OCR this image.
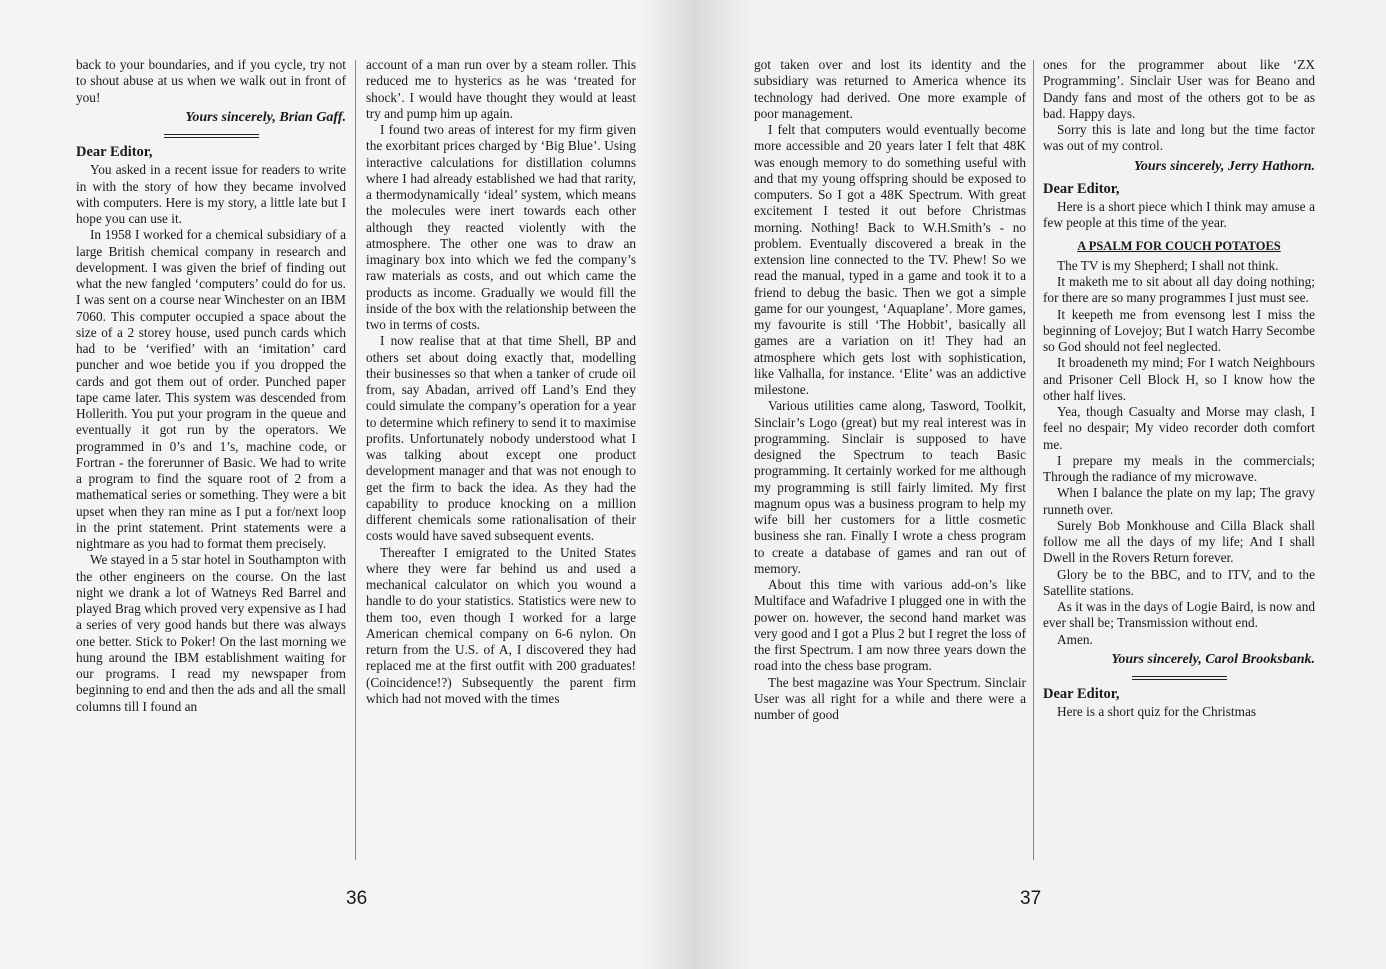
back to your boundaries, and if you cycle, try not to shout abuse at us when we walk out in front of you!

Yours sincerely, Brian Gaff.

Dear Editor,

You asked in a recent issue for readers to write in with the story of how they became involved with computers. Here is my story, a little late but I hope you can use it.

In 1958 I worked for a chemical subsidiary of a large British chemical company in research and development. I was given the brief of finding out what the new fangled ‘computers’ could do for us. I was sent on a course near Winchester on an IBM 7060. This computer occupied a space about the size of a 2 storey house, used punch cards which had to be ‘verified’ with an ‘imitation’ card puncher and woe betide you if you dropped the cards and got them out of order. Punched paper tape came later. This system was descended from Hollerith. You put your program in the queue and eventually it got run by the operators. We programmed in 0’s and 1’s, machine code, or Fortran - the forerunner of Basic. We had to write a program to find the square root of 2 from a mathematical series or something. They were a bit upset when they ran mine as I put a for/next loop in the print statement. Print statements were a nightmare as you had to format them precisely.

We stayed in a 5 star hotel in Southampton with the other engineers on the course. On the last night we drank a lot of Watneys Red Barrel and played Brag which proved very expensive as I had a series of very good hands but there was always one better. Stick to Poker! On the last morning we hung around the IBM establishment waiting for our programs. I read my newspaper from beginning to end and then the ads and all the small columns till I found an

account of a man run over by a steam roller. This reduced me to hysterics as he was ‘treated for shock’. I would have thought they would at least try and pump him up again.

I found two areas of interest for my firm given the exorbitant prices charged by ‘Big Blue’. Using interactive calculations for distillation columns where I had already established we had that rarity, a thermodynamically ‘ideal’ system, which means the molecules were inert towards each other although they reacted violently with the atmosphere. The other one was to draw an imaginary box into which we fed the company’s raw materials as costs, and out which came the products as income. Gradually we would fill the inside of the box with the relationship between the two in terms of costs.

I now realise that at that time Shell, BP and others set about doing exactly that, modelling their businesses so that when a tanker of crude oil from, say Abadan, arrived off Land’s End they could simulate the company’s operation for a year to determine which refinery to send it to maximise profits. Unfortunately nobody understood what I was talking about except one product development manager and that was not enough to get the firm to back the idea. As they had the capability to produce knocking on a million different chemicals some rationalisation of their costs would have saved subsequent events.

Thereafter I emigrated to the United States where they were far behind us and used a mechanical calculator on which you wound a handle to do your statistics. Statistics were new to them too, even though I worked for a large American chemical company on 6-6 nylon. On return from the U.S. of A, I discovered they had replaced me at the first outfit with 200 graduates! (Coincidence!?) Subsequently the parent firm which had not moved with the times

36

got taken over and lost its identity and the subsidiary was returned to America whence its technology had derived. One more example of poor management.

I felt that computers would eventually become more accessible and 20 years later I felt that 48K was enough memory to do something useful with and that my young offspring should be exposed to computers. So I got a 48K Spectrum. With great excitement I tested it out before Christmas morning. Nothing! Back to W.H.Smith’s - no problem. Eventually discovered a break in the extension line connected to the TV. Phew! So we read the manual, typed in a game and took it to a friend to debug the basic. Then we got a simple game for our youngest, ‘Aquaplane’. More games, my favourite is still ‘The Hobbit’, basically all games are a variation on it! They had an atmosphere which gets lost with sophistication, like Valhalla, for instance. ‘Elite’ was an addictive milestone.

Various utilities came along, Tasword, Toolkit, Sinclair’s Logo (great) but my real interest was in programming. Sinclair is supposed to have designed the Spectrum to teach Basic programming. It certainly worked for me although my programming is still fairly limited. My first magnum opus was a business program to help my wife bill her customers for a little cosmetic business she ran. Finally I wrote a chess program to create a database of games and ran out of memory.

About this time with various add-on’s like Multiface and Wafadrive I plugged one in with the power on. however, the second hand market was very good and I got a Plus 2 but I regret the loss of the first Spectrum. I am now three years down the road into the chess base program.

The best magazine was Your Spectrum. Sinclair User was all right for a while and there were a number of good

ones for the programmer about like ‘ZX Programming’. Sinclair User was for Beano and Dandy fans and most of the others got to be as bad. Happy days.

Sorry this is late and long but the time factor was out of my control.

Yours sincerely, Jerry Hathorn.

Dear Editor,

Here is a short piece which I think may amuse a few people at this time of the year.

A PSALM FOR COUCH POTATOES

The TV is my Shepherd; I shall not think.

It maketh me to sit about all day doing nothing; for there are so many programmes I just must see.

It keepeth me from evensong lest I miss the beginning of Lovejoy; But I watch Harry Secombe so God should not feel neglected.

It broadeneth my mind; For I watch Neighbours and Prisoner Cell Block H, so I know how the other half lives.

Yea, though Casualty and Morse may clash, I feel no despair; My video recorder doth comfort me.

I prepare my meals in the commercials; Through the radiance of my microwave.

When I balance the plate on my lap; The gravy runneth over.

Surely Bob Monkhouse and Cilla Black shall follow me all the days of my life; And I shall Dwell in the Rovers Return forever.

Glory be to the BBC, and to ITV, and to the Satellite stations.

As it was in the days of Logie Baird, is now and ever shall be; Transmission without end.

Amen.

Yours sincerely, Carol Brooksbank.

Dear Editor,

Here is a short quiz for the Christmas

37
